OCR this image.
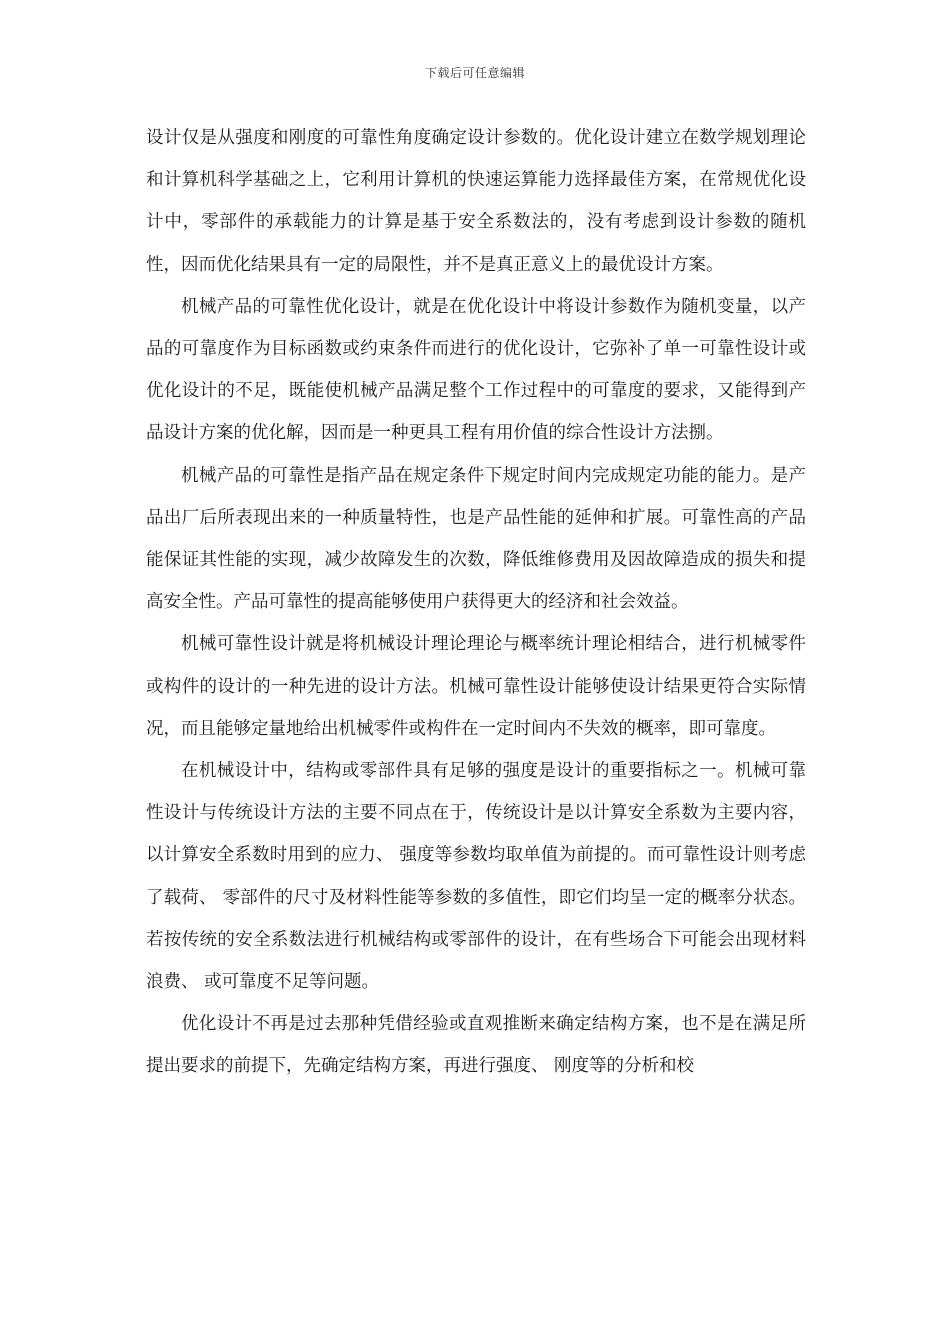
下载后可任意编辑

设计仅是从强度和刚度的可靠性角度确定设计参数的。优化设计建立在数学规划理论和计算机科学基础之上，它利用计算机的快速运算能力选择最佳方案，在常规优化设计中，零部件的承载能力的计算是基于安全系数法的，没有考虑到设计参数的随机性，因而优化结果具有一定的局限性，并不是真正意义上的最优设计方案。

机械产品的可靠性优化设计，就是在优化设计中将设计参数作为随机变量，以产品的可靠度作为目标函数或约束条件而进行的优化设计，它弥补了单一可靠性设计或优化设计的不足，既能使机械产品满足整个工作过程中的可靠度的要求，又能得到产品设计方案的优化解，因而是一种更具工程有用价值的综合性设计方法捌。

机械产品的可靠性是指产品在规定条件下规定时间内完成规定功能的能力。是产品出厂后所表现出来的一种质量特性，也是产品性能的延伸和扩展。可靠性高的产品能保证其性能的实现，减少故障发生的次数，降低维修费用及因故障造成的损失和提高安全性。产品可靠性的提高能够使用户获得更大的经济和社会效益。

机械可靠性设计就是将机械设计理论理论与概率统计理论相结合，进行机械零件或构件的设计的一种先进的设计方法。机械可靠性设计能够使设计结果更符合实际情况，而且能够定量地给出机械零件或构件在一定时间内不失效的概率，即可靠度。

在机械设计中，结构或零部件具有足够的强度是设计的重要指标之一。机械可靠性设计与传统设计方法的主要不同点在于，传统设计是以计算安全系数为主要内容，以计算安全系数时用到的应力、 强度等参数均取单值为前提的。而可靠性设计则考虑了载荷、 零部件的尺寸及材料性能等参数的多值性，即它们均呈一定的概率分状态。若按传统的安全系数法进行机械结构或零部件的设计，在有些场合下可能会出现材料浪费、 或可靠度不足等问题。

优化设计不再是过去那种凭借经验或直观推断来确定结构方案，也不是在满足所提出要求的前提下，先确定结构方案，再进行强度、 刚度等的分析和校
